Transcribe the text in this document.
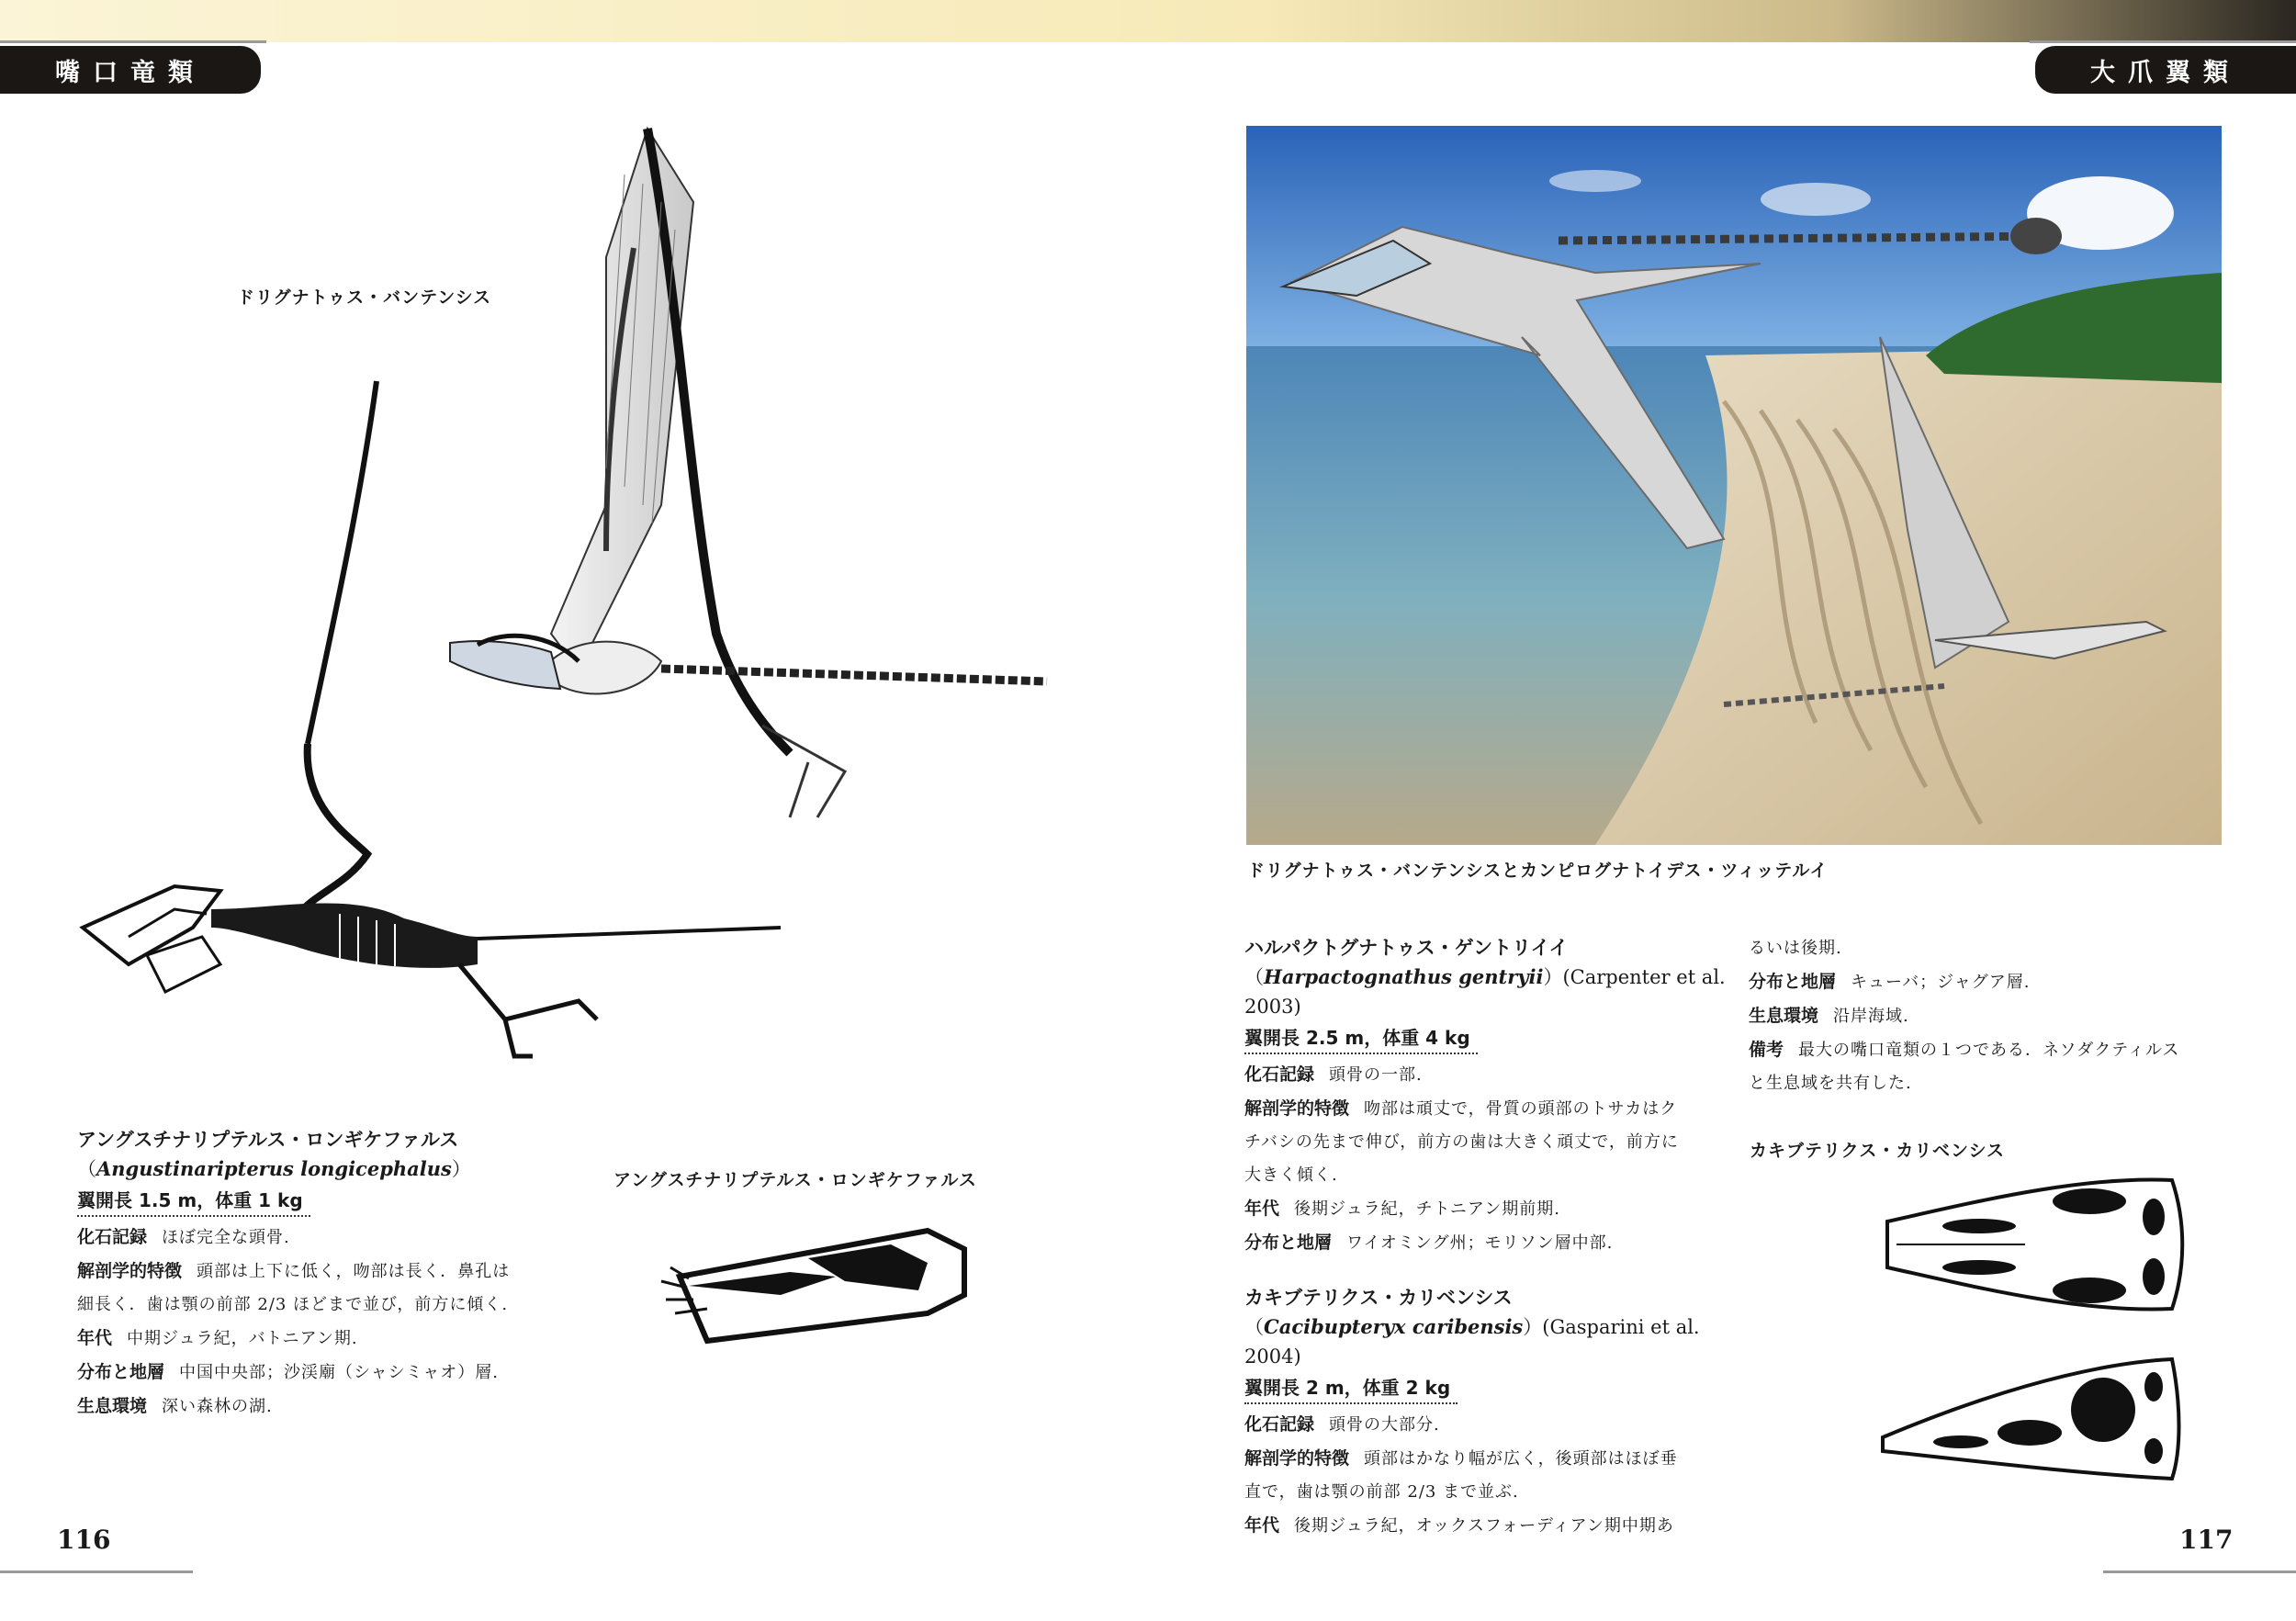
嘴口竜類	大爪翼類
ドリグナトゥス・バンテンシス
アングスチナリプテルス・ロンギケファルス
アングスチナリプテルス・ロンギケファルス
（Angustinaripterus longicephalus）
翼開長 1.5 m，体重 1 kg
化石記録 ほぼ完全な頭骨.
解剖学的特徴 頭部は上下に低く，吻部は長く．鼻孔は
細長く．歯は顎の前部 2/3 ほどまで並び，前方に傾く.
年代 中期ジュラ紀，バトニアン期.
分布と地層 中国中央部；沙渓廟（シャシミャオ）層.
生息環境 深い森林の湖.
116
ドリグナトゥス・バンテンシスとカンピログナトイデス・ツィッテルイ
ハルパクトグナトゥス・ゲントリイイ
（Harpactognathus gentryii）(Carpenter et al.
2003)
翼開長 2.5 m，体重 4 kg
化石記録 頭骨の一部.
解剖学的特徴 吻部は頑丈で，骨質の頭部のトサカはク
チバシの先まで伸び，前方の歯は大きく頑丈で，前方に
大きく傾く.
年代 後期ジュラ紀，チトニアン期前期.
分布と地層 ワイオミング州；モリソン層中部.
カキブテリクス・カリベンシス
（Cacibupteryx caribensis）(Gasparini et al. 2004)
翼開長 2 m，体重 2 kg
化石記録 頭骨の大部分.
解剖学的特徴 頭部はかなり幅が広く，後頭部はほぼ垂
直で，歯は顎の前部 2/3 まで並ぶ.
年代 後期ジュラ紀，オックスフォーディアン期中期あ
るいは後期.
分布と地層 キューバ；ジャグア層.
生息環境 沿岸海域.
備考 最大の嘴口竜類の１つである．ネソダクティルス
と生息域を共有した.
カキブテリクス・カリベンシス
117
